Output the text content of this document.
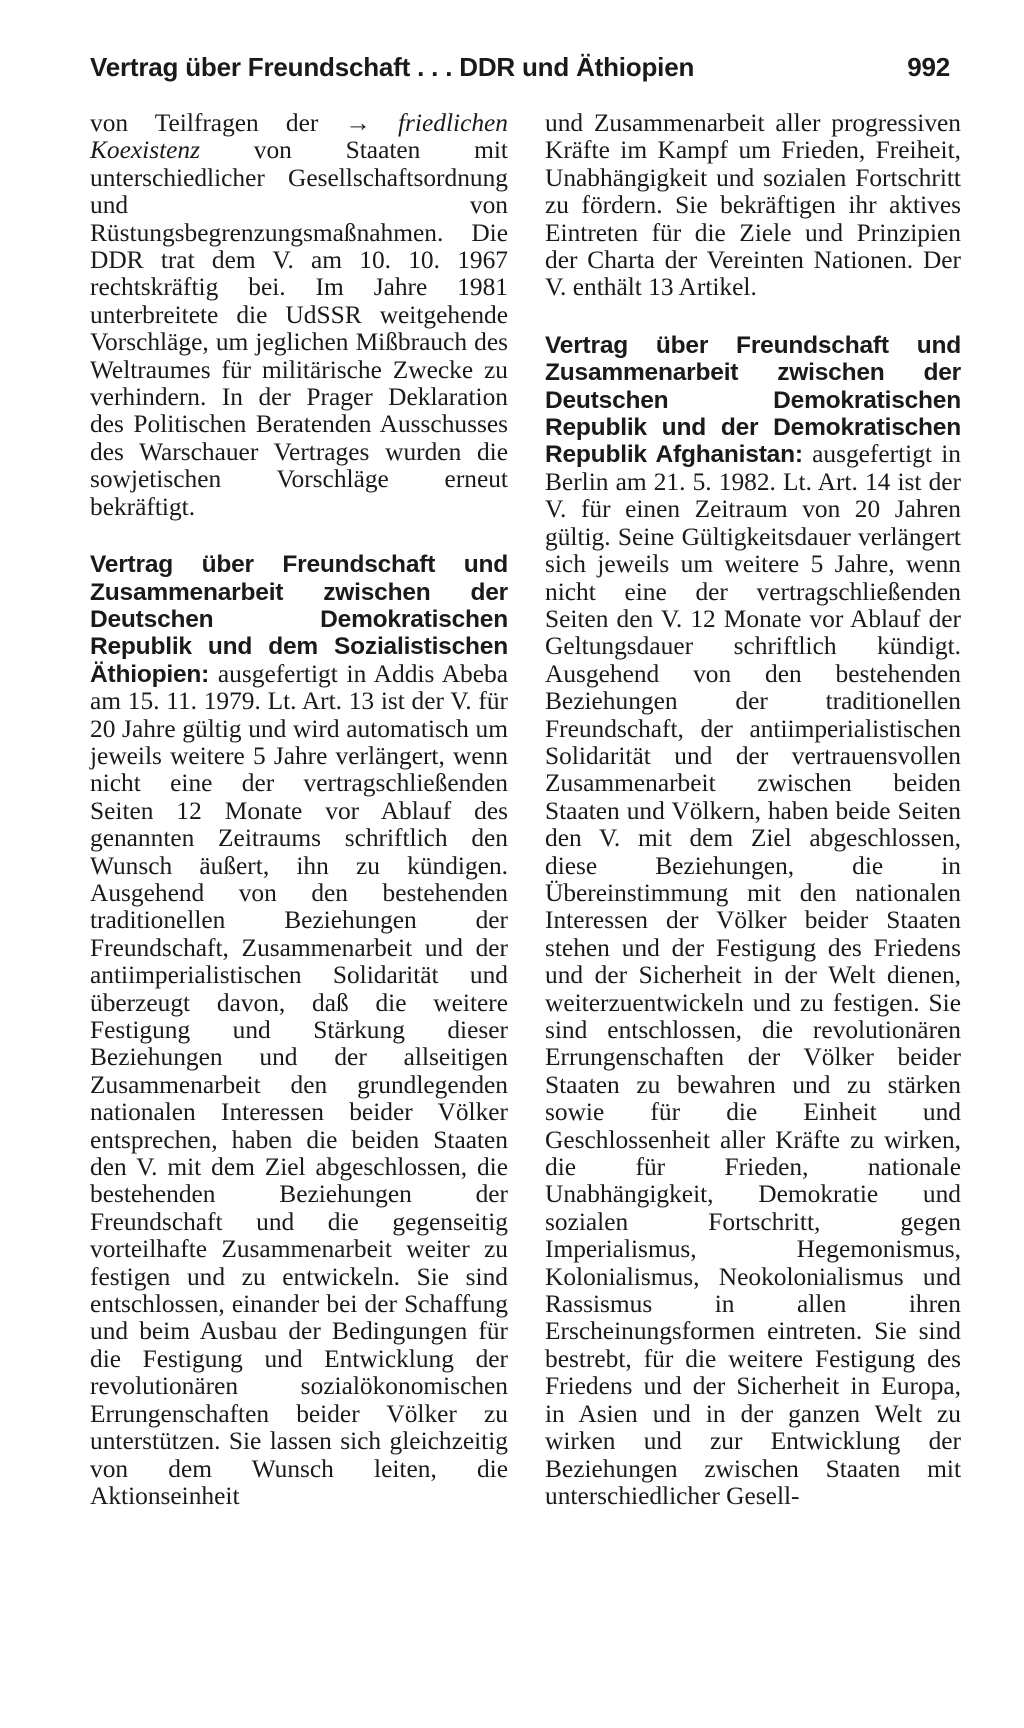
Vertrag über Freundschaft . . . DDR und Äthiopien	992

von Teilfragen der → friedlichen Koexistenz von Staaten mit unterschiedlicher Gesellschaftsordnung und von Rüstungsbegrenzungsmaßnahmen. Die DDR trat dem V. am 10. 10. 1967 rechtskräftig bei. Im Jahre 1981 unterbreitete die UdSSR weitgehende Vorschläge, um jeglichen Mißbrauch des Weltraumes für militärische Zwecke zu verhindern. In der Prager Deklaration des Politischen Beratenden Ausschusses des Warschauer Vertrages wurden die sowjetischen Vorschläge erneut bekräftigt.

Vertrag über Freundschaft und Zusammenarbeit zwischen der Deutschen Demokratischen Republik und dem Sozialistischen Äthiopien: ausgefertigt in Addis Abeba am 15. 11. 1979. Lt. Art. 13 ist der V. für 20 Jahre gültig und wird automatisch um jeweils weitere 5 Jahre verlängert, wenn nicht eine der vertragschließenden Seiten 12 Monate vor Ablauf des genannten Zeitraums schriftlich den Wunsch äußert, ihn zu kündigen. Ausgehend von den bestehenden traditionellen Beziehungen der Freundschaft, Zusammenarbeit und der antiimperialistischen Solidarität und überzeugt davon, daß die weitere Festigung und Stärkung dieser Beziehungen und der allseitigen Zusammenarbeit den grundlegenden nationalen Interessen beider Völker entsprechen, haben die beiden Staaten den V. mit dem Ziel abgeschlossen, die bestehenden Beziehungen der Freundschaft und die gegenseitig vorteilhafte Zusammenarbeit weiter zu festigen und zu entwickeln. Sie sind entschlossen, einander bei der Schaffung und beim Ausbau der Bedingungen für die Festigung und Entwicklung der revolutionären sozialökonomischen Errungenschaften beider Völker zu unterstützen. Sie lassen sich gleichzeitig von dem Wunsch leiten, die Aktionseinheit

und Zusammenarbeit aller progressiven Kräfte im Kampf um Frieden, Freiheit, Unabhängigkeit und sozialen Fortschritt zu fördern. Sie bekräftigen ihr aktives Eintreten für die Ziele und Prinzipien der Charta der Vereinten Nationen. Der V. enthält 13 Artikel.

Vertrag über Freundschaft und Zusammenarbeit zwischen der Deutschen Demokratischen Republik und der Demokratischen Republik Afghanistan: ausgefertigt in Berlin am 21. 5. 1982. Lt. Art. 14 ist der V. für einen Zeitraum von 20 Jahren gültig. Seine Gültigkeitsdauer verlängert sich jeweils um weitere 5 Jahre, wenn nicht eine der vertragschließenden Seiten den V. 12 Monate vor Ablauf der Geltungsdauer schriftlich kündigt. Ausgehend von den bestehenden Beziehungen der traditionellen Freundschaft, der antiimperialistischen Solidarität und der vertrauensvollen Zusammenarbeit zwischen beiden Staaten und Völkern, haben beide Seiten den V. mit dem Ziel abgeschlossen, diese Beziehungen, die in Übereinstimmung mit den nationalen Interessen der Völker beider Staaten stehen und der Festigung des Friedens und der Sicherheit in der Welt dienen, weiterzuentwickeln und zu festigen. Sie sind entschlossen, die revolutionären Errungenschaften der Völker beider Staaten zu bewahren und zu stärken sowie für die Einheit und Geschlossenheit aller Kräfte zu wirken, die für Frieden, nationale Unabhängigkeit, Demokratie und sozialen Fortschritt, gegen Imperialismus, Hegemonismus, Kolonialismus, Neokolonialismus und Rassismus in allen ihren Erscheinungsformen eintreten. Sie sind bestrebt, für die weitere Festigung des Friedens und der Sicherheit in Europa, in Asien und in der ganzen Welt zu wirken und zur Entwicklung der Beziehungen zwischen Staaten mit unterschiedlicher Gesell-
